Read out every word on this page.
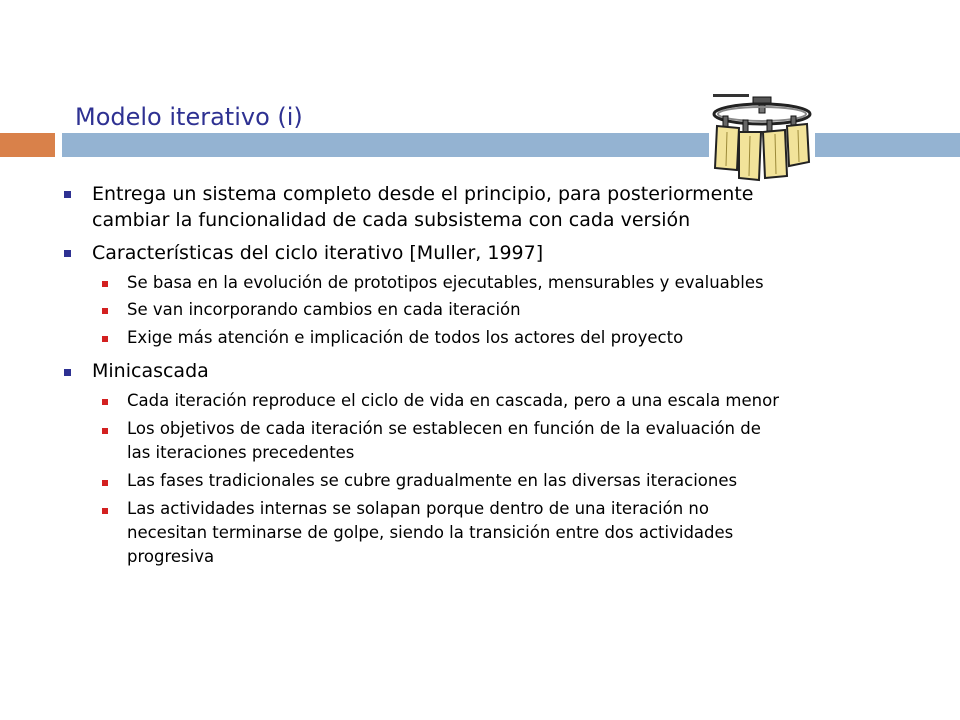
Modelo iterativo (i)
Entrega un sistema completo desde el principio, para posteriormente
cambiar la funcionalidad de cada subsistema con cada versión
Características del ciclo iterativo [Muller, 1997]
Se basa en la evolución de prototipos ejecutables, mensurables y evaluables
Se van incorporando cambios en cada iteración
Exige más atención e implicación de todos los actores del proyecto
Minicascada
Cada iteración reproduce el ciclo de vida en cascada, pero a una escala menor
Los objetivos de cada iteración se establecen en función de la evaluación de
las iteraciones precedentes
Las fases tradicionales se cubre gradualmente en las diversas iteraciones
Las actividades internas se solapan porque dentro de una iteración no
necesitan terminarse de golpe, siendo la transición entre dos actividades
progresiva
